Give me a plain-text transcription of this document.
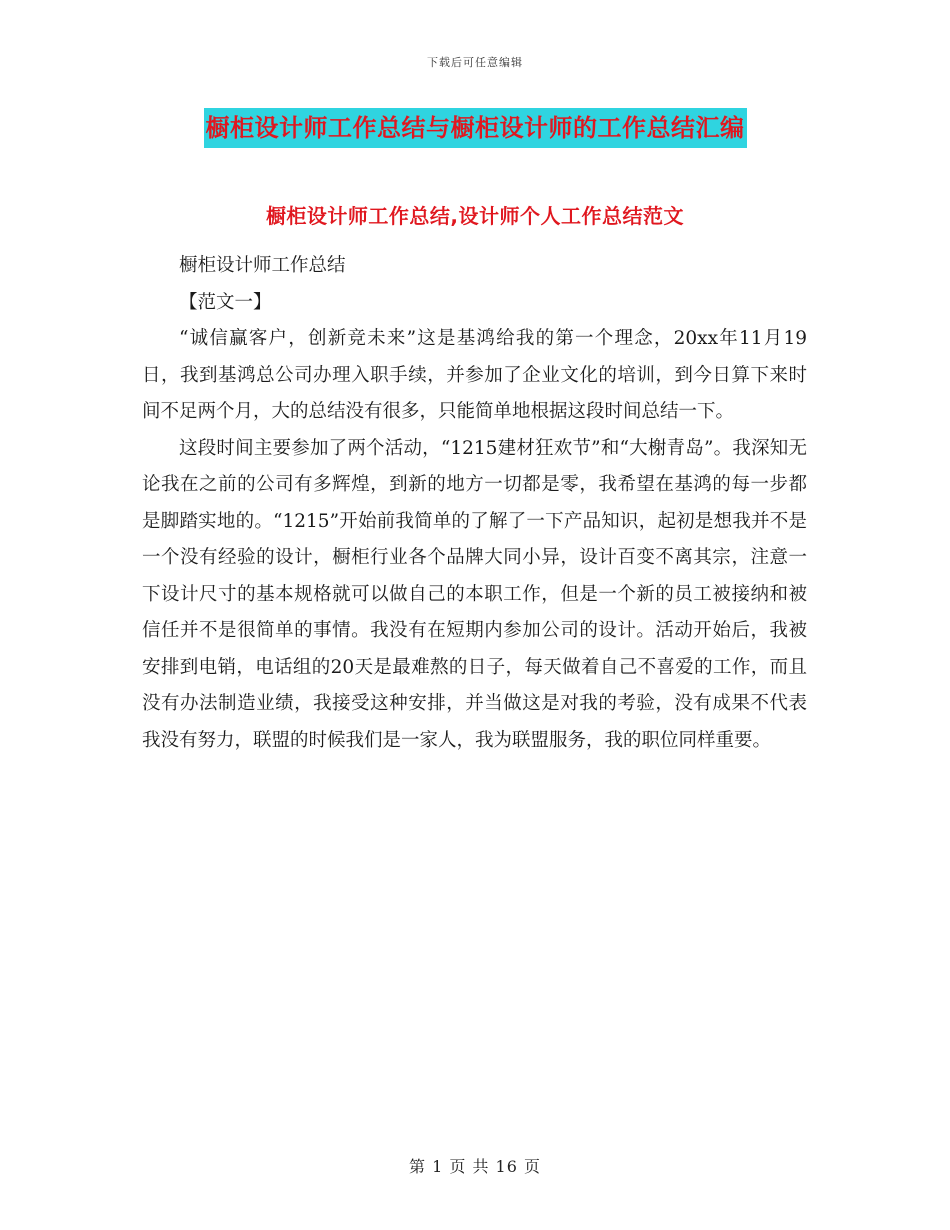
下载后可任意编辑
橱柜设计师工作总结与橱柜设计师的工作总结汇编
橱柜设计师工作总结,设计师个人工作总结范文

橱柜设计师工作总结

【范文一】

“诚信赢客户，创新竞未来”这是基鸿给我的第一个理念，20xx年11月19日，我到基鸿总公司办理入职手续，并参加了企业文化的培训，到今日算下来时间不足两个月，大的总结没有很多，只能简单地根据这段时间总结一下。

这段时间主要参加了两个活动，“1215建材狂欢节”和“大榭青岛”。我深知无论我在之前的公司有多辉煌，到新的地方一切都是零，我希望在基鸿的每一步都是脚踏实地的。“1215”开始前我简单的了解了一下产品知识，起初是想我并不是一个没有经验的设计，橱柜行业各个品牌大同小异，设计百变不离其宗，注意一下设计尺寸的基本规格就可以做自己的本职工作，但是一个新的员工被接纳和被信任并不是很简单的事情。我没有在短期内参加公司的设计。活动开始后，我被安排到电销，电话组的20天是最难熬的日子，每天做着自己不喜爱的工作，而且没有办法制造业绩，我接受这种安排，并当做这是对我的考验，没有成果不代表我没有努力，联盟的时候我们是一家人，我为联盟服务，我的职位同样重要。

第 1 页 共 16 页
